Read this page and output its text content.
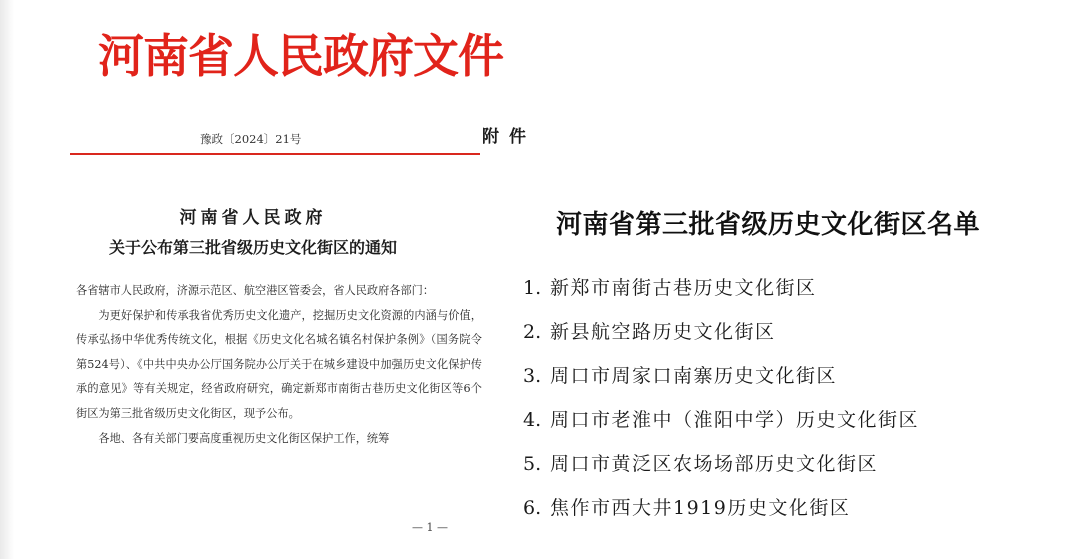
河南省人民政府文件
豫政〔2024〕21号
河南省人民政府
关于公布第三批省级历史文化街区的通知

各省辖市人民政府，济源示范区、航空港区管委会，省人民政府各部门：

为更好保护和传承我省优秀历史文化遗产，挖掘历史文化资源的内涵与价值，传承弘扬中华优秀传统文化，根据《历史文化名城名镇名村保护条例》（国务院令第524号）、《中共中央办公厅国务院办公厅关于在城乡建设中加强历史文化保护传承的意见》等有关规定，经省政府研究，确定新郑市南街古巷历史文化街区等6个街区为第三批省级历史文化街区，现予公布。

各地、各有关部门要高度重视历史文化街区保护工作，统筹

— 1 —
附件
河南省第三批省级历史文化街区名单
1. 新郑市南街古巷历史文化街区
2. 新县航空路历史文化街区
3. 周口市周家口南寨历史文化街区
4. 周口市老淮中（淮阳中学）历史文化街区
5. 周口市黄泛区农场场部历史文化街区
6. 焦作市西大井1919历史文化街区
